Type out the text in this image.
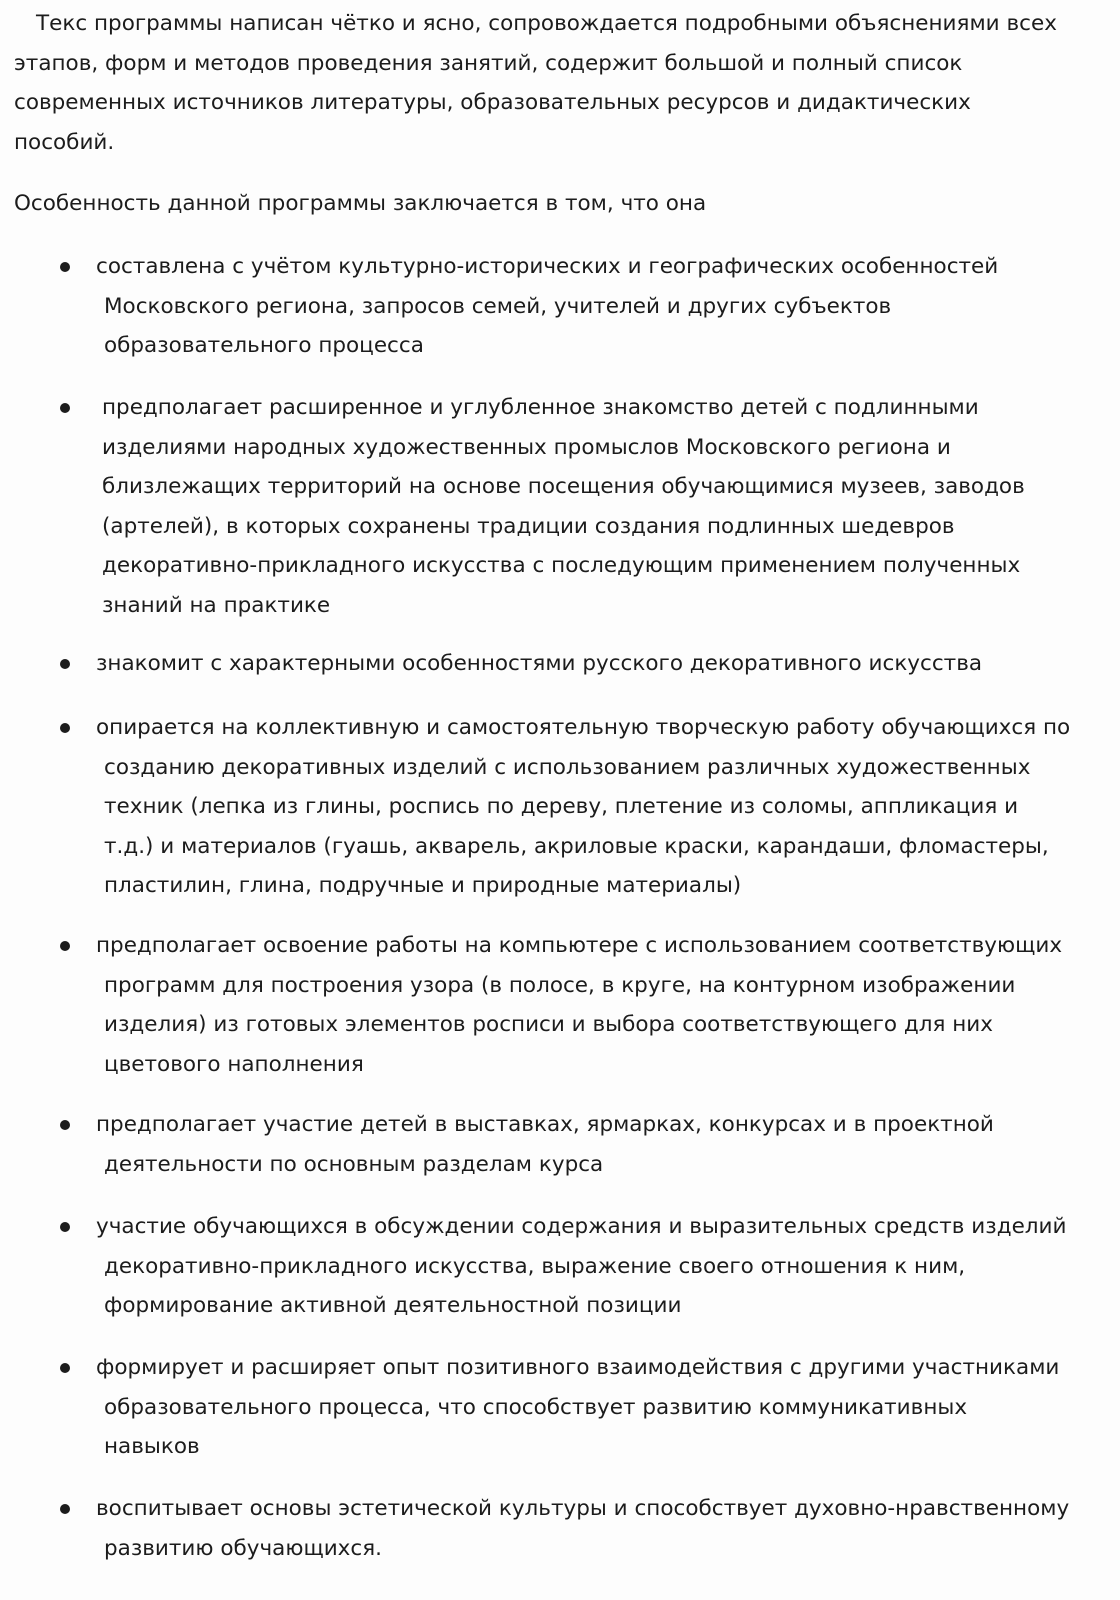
Текс программы написан чётко и ясно, сопровождается подробными объяснениями всех
этапов, форм и методов проведения занятий, содержит большой и полный список
современных источников литературы, образовательных ресурсов и дидактических
пособий.

Особенность данной программы заключается в том, что она

составлена с учётом культурно-исторических и географических особенностей
Московского региона, запросов семей, учителей и других субъектов
образовательного процесса
предполагает расширенное и углубленное знакомство детей с подлинными
изделиями народных художественных промыслов Московского региона и
близлежащих территорий на основе посещения обучающимися музеев, заводов
(артелей), в которых сохранены традиции создания подлинных шедевров
декоративно-прикладного искусства с последующим применением полученных
знаний на практике
знакомит с характерными особенностями русского декоративного искусства
опирается на коллективную и самостоятельную творческую работу обучающихся по
созданию декоративных изделий с использованием различных художественных
техник (лепка из глины, роспись по дереву, плетение из соломы, аппликация и
т.д.) и материалов (гуашь, акварель, акриловые краски, карандаши, фломастеры,
пластилин, глина, подручные и природные материалы)
предполагает освоение работы на компьютере с использованием соответствующих
программ для построения узора (в полосе, в круге, на контурном изображении
изделия) из готовых элементов росписи и выбора соответствующего для них
цветового наполнения
предполагает участие детей в выставках, ярмарках, конкурсах и в проектной
деятельности по основным разделам курса
участие обучающихся в обсуждении содержания и выразительных средств изделий
декоративно-прикладного искусства, выражение своего отношения к ним,
формирование активной деятельностной позиции
формирует и расширяет опыт позитивного взаимодействия с другими участниками
образовательного процесса, что способствует развитию коммуникативных
навыков
воспитывает основы эстетической культуры и способствует духовно-нравственному
развитию обучающихся.
